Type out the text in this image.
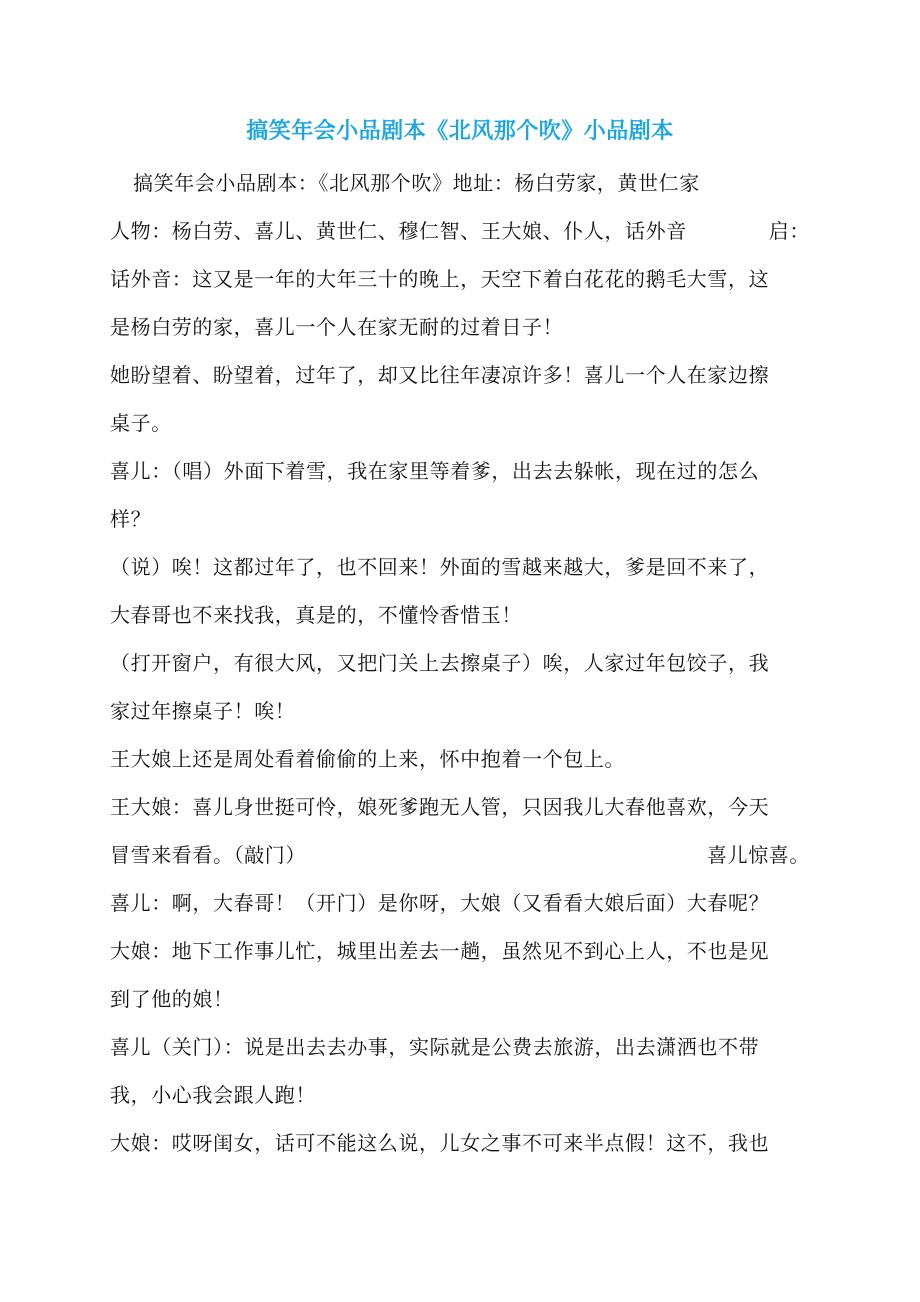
搞笑年会小品剧本《北风那个吹》小品剧本
搞笑年会小品剧本：《北风那个吹》地址：杨白劳家，黄世仁家
人物：杨白劳、喜儿、黄世仁、穆仁智、王大娘、仆人，话外音	启：
话外音：这又是一年的大年三十的晚上，天空下着白花花的鹅毛大雪，这
是杨白劳的家，喜儿一个人在家无耐的过着日子！
她盼望着、盼望着，过年了，却又比往年凄凉许多！喜儿一个人在家边擦
桌子。
喜儿：（唱）外面下着雪，我在家里等着爹，出去去躲帐，现在过的怎么
样？
（说）唉！这都过年了，也不回来！外面的雪越来越大，爹是回不来了，
大春哥也不来找我，真是的，不懂怜香惜玉！
（打开窗户，有很大风，又把门关上去擦桌子）唉，人家过年包饺子，我
家过年擦桌子！唉！
王大娘上还是周处看着偷偷的上来，怀中抱着一个包上。
王大娘：喜儿身世挺可怜，娘死爹跑无人管，只因我儿大春他喜欢，今天
冒雪来看看。（敲门）	喜儿惊喜。
喜儿：啊，大春哥！（开门）是你呀，大娘（又看看大娘后面）大春呢？
大娘：地下工作事儿忙，城里出差去一趟，虽然见不到心上人，不也是见
到了他的娘！
喜儿（关门）：说是出去去办事，实际就是公费去旅游，出去潇洒也不带
我，小心我会跟人跑！
大娘：哎呀闺女，话可不能这么说，儿女之事不可来半点假！这不，我也
